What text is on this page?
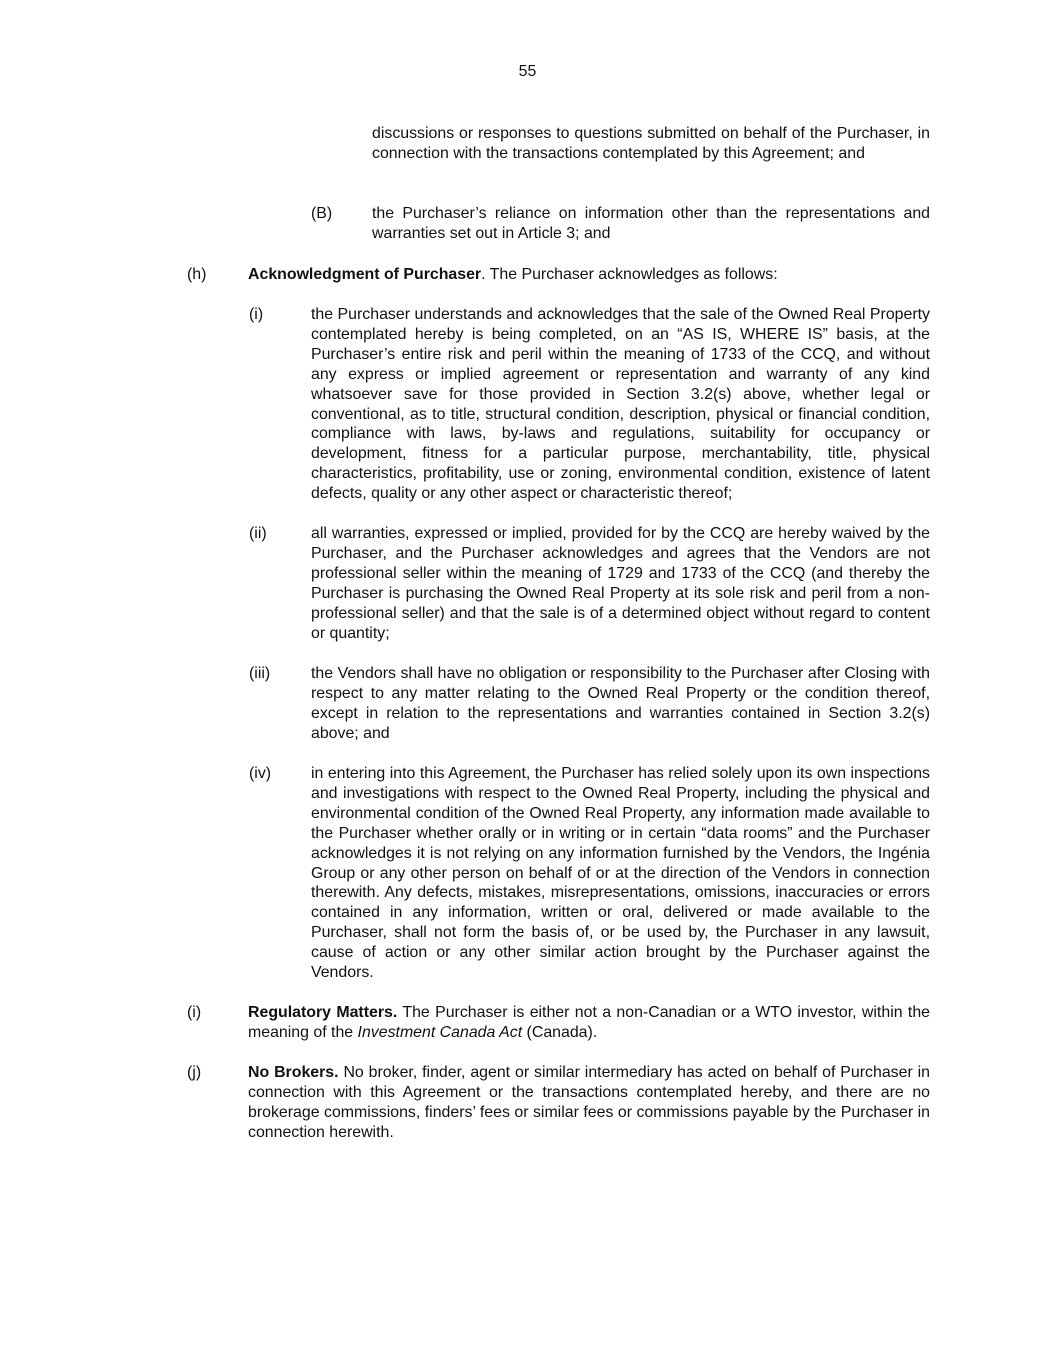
55
discussions or responses to questions submitted on behalf of the Purchaser, in connection with the transactions contemplated by this Agreement; and
(B)	the Purchaser’s reliance on information other than the representations and warranties set out in Article 3; and
(h)	Acknowledgment of Purchaser. The Purchaser acknowledges as follows:
(i)	the Purchaser understands and acknowledges that the sale of the Owned Real Property contemplated hereby is being completed, on an “AS IS, WHERE IS” basis, at the Purchaser’s entire risk and peril within the meaning of 1733 of the CCQ, and without any express or implied agreement or representation and warranty of any kind whatsoever save for those provided in Section 3.2(s) above, whether legal or conventional, as to title, structural condition, description, physical or financial condition, compliance with laws, by-laws and regulations, suitability for occupancy or development, fitness for a particular purpose, merchantability, title, physical characteristics, profitability, use or zoning, environmental condition, existence of latent defects, quality or any other aspect or characteristic thereof;
(ii)	all warranties, expressed or implied, provided for by the CCQ are hereby waived by the Purchaser, and the Purchaser acknowledges and agrees that the Vendors are not professional seller within the meaning of 1729 and 1733 of the CCQ (and thereby the Purchaser is purchasing the Owned Real Property at its sole risk and peril from a non-professional seller) and that the sale is of a determined object without regard to content or quantity;
(iii)	the Vendors shall have no obligation or responsibility to the Purchaser after Closing with respect to any matter relating to the Owned Real Property or the condition thereof, except in relation to the representations and warranties contained in Section 3.2(s) above; and
(iv)	in entering into this Agreement, the Purchaser has relied solely upon its own inspections and investigations with respect to the Owned Real Property, including the physical and environmental condition of the Owned Real Property, any information made available to the Purchaser whether orally or in writing or in certain “data rooms” and the Purchaser acknowledges it is not relying on any information furnished by the Vendors, the Ingénia Group or any other person on behalf of or at the direction of the Vendors in connection therewith. Any defects, mistakes, misrepresentations, omissions, inaccuracies or errors contained in any information, written or oral, delivered or made available to the Purchaser, shall not form the basis of, or be used by, the Purchaser in any lawsuit, cause of action or any other similar action brought by the Purchaser against the Vendors.
(i)	Regulatory Matters. The Purchaser is either not a non-Canadian or a WTO investor, within the meaning of the Investment Canada Act (Canada).
(j)	No Brokers. No broker, finder, agent or similar intermediary has acted on behalf of Purchaser in connection with this Agreement or the transactions contemplated hereby, and there are no brokerage commissions, finders’ fees or similar fees or commissions payable by the Purchaser in connection herewith.
